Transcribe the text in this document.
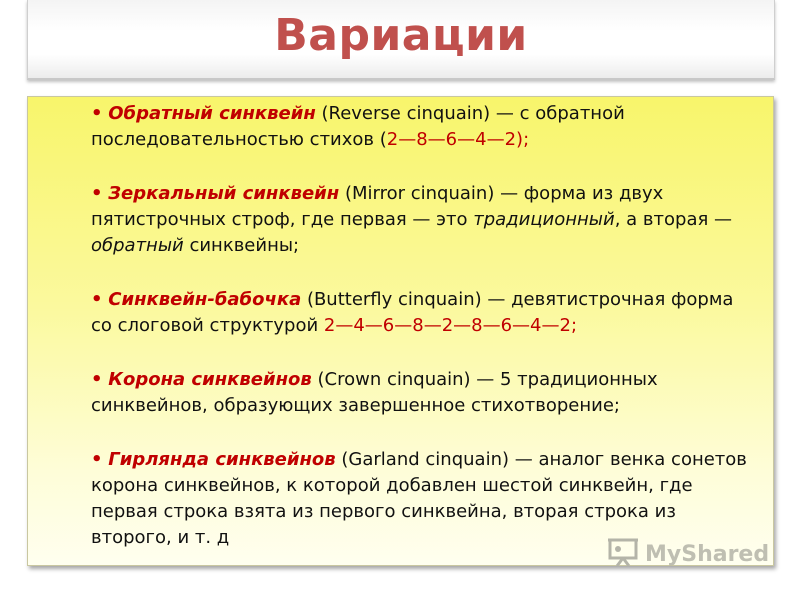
Вариации
• Обратный синквейн (Reverse cinquain) — с обратной последовательностью стихов (2—8—6—4—2);
• Зеркальный синквейн (Mirror cinquain) — форма из двух пятистрочных строф, где первая — это традиционный, а вторая — обратный синквейны;
• Синквейн-бабочка (Butterfly cinquain) — девятистрочная форма со слоговой структурой 2—4—6—8—2—8—6—4—2;
• Корона синквейнов (Crown cinquain) — 5 традиционных синквейнов, образующих завершенное стихотворение;
• Гирлянда синквейнов (Garland cinquain) — аналог венка сонетов корона синквейнов, к которой добавлен шестой синквейн, где первая строка взята из первого синквейна, вторая строка из второго, и т. д
MyShared
